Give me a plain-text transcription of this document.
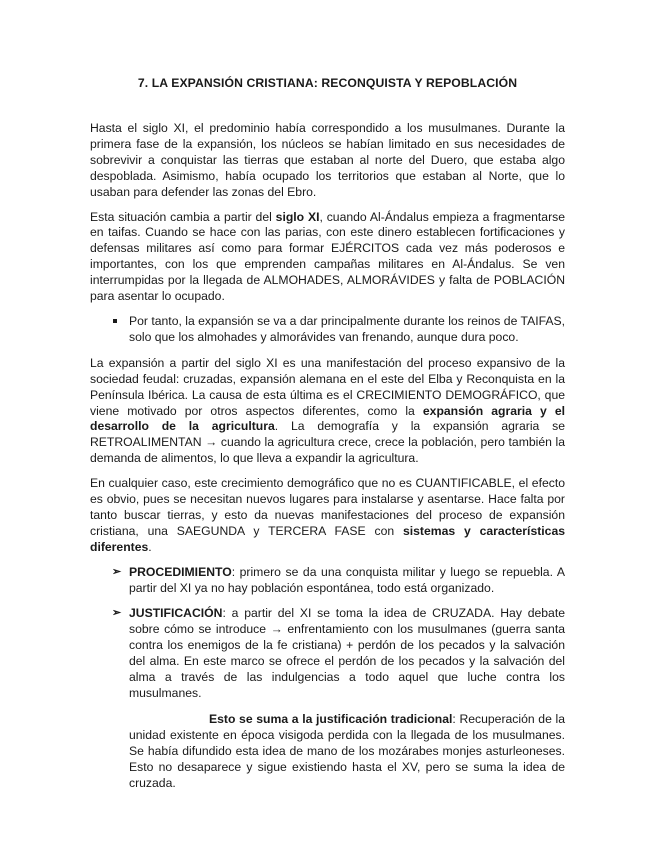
7. LA EXPANSIÓN CRISTIANA: RECONQUISTA Y REPOBLACIÓN

Hasta el siglo XI, el predominio había correspondido a los musulmanes. Durante la primera fase de la expansión, los núcleos se habían limitado en sus necesidades de sobrevivir a conquistar las tierras que estaban al norte del Duero, que estaba algo despoblada. Asimismo, había ocupado los territorios que estaban al Norte, que lo usaban para defender las zonas del Ebro.

Esta situación cambia a partir del siglo XI, cuando Al-Ándalus empieza a fragmentarse en taifas. Cuando se hace con las parias, con este dinero establecen fortificaciones y defensas militares así como para formar EJÉRCITOS cada vez más poderosos e importantes, con los que emprenden campañas militares en Al-Ándalus. Se ven interrumpidas por la llegada de ALMOHADES, ALMORÁVIDES y falta de POBLACIÓN para asentar lo ocupado.

Por tanto, la expansión se va a dar principalmente durante los reinos de TAIFAS, solo que los almohades y almorávides van frenando, aunque dura poco.

La expansión a partir del siglo XI es una manifestación del proceso expansivo de la sociedad feudal: cruzadas, expansión alemana en el este del Elba y Reconquista en la Península Ibérica. La causa de esta última es el CRECIMIENTO DEMOGRÁFICO, que viene motivado por otros aspectos diferentes, como la expansión agraria y el desarrollo de la agricultura. La demografía y la expansión agraria se RETROALIMENTAN → cuando la agricultura crece, crece la población, pero también la demanda de alimentos, lo que lleva a expandir la agricultura.

En cualquier caso, este crecimiento demográfico que no es CUANTIFICABLE, el efecto es obvio, pues se necesitan nuevos lugares para instalarse y asentarse. Hace falta por tanto buscar tierras, y esto da nuevas manifestaciones del proceso de expansión cristiana, una SAEGUNDA y TERCERA FASE con sistemas y características diferentes.

➢ PROCEDIMIENTO: primero se da una conquista militar y luego se repuebla. A partir del XI ya no hay población espontánea, todo está organizado.
➢ JUSTIFICACIÓN: a partir del XI se toma la idea de CRUZADA. Hay debate sobre cómo se introduce → enfrentamiento con los musulmanes (guerra santa contra los enemigos de la fe cristiana) + perdón de los pecados y la salvación del alma. En este marco se ofrece el perdón de los pecados y la salvación del alma a través de las indulgencias a todo aquel que luche contra los musulmanes.

Esto se suma a la justificación tradicional: Recuperación de la unidad existente en época visigoda perdida con la llegada de los musulmanes. Se había difundido esta idea de mano de los mozárabes monjes asturleoneses. Esto no desaparece y sigue existiendo hasta el XV, pero se suma la idea de cruzada.
